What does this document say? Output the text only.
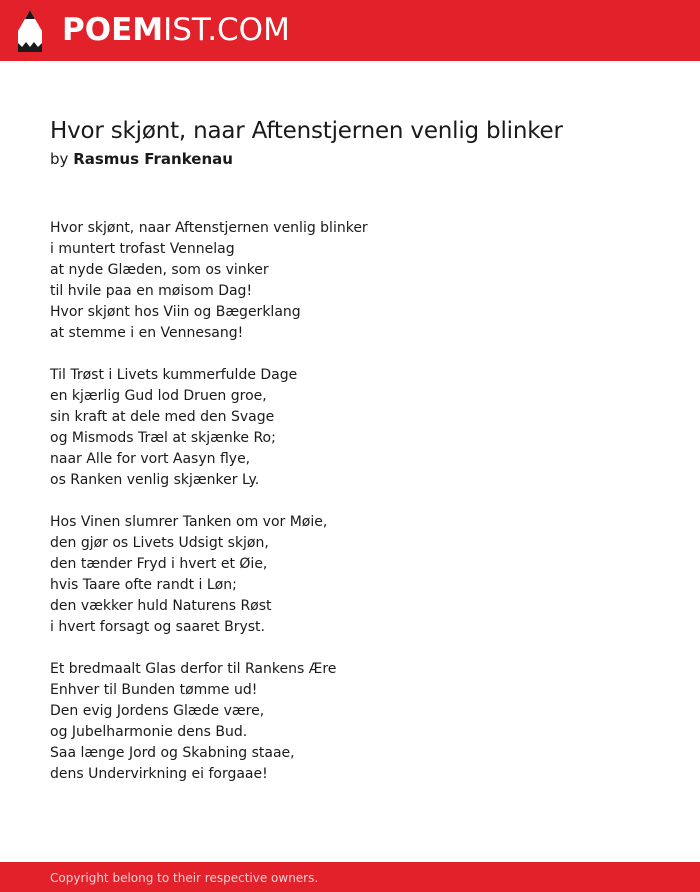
POEMIST.COM
Hvor skjønt, naar Aftenstjernen venlig blinker
by Rasmus Frankenau
Hvor skjønt, naar Aftenstjernen venlig blinker
i muntert trofast Vennelag
at nyde Glæden, som os vinker
til hvile paa en møisom Dag!
Hvor skjønt hos Viin og Bægerklang
at stemme i en Vennesang!
Til Trøst i Livets kummerfulde Dage
en kjærlig Gud lod Druen groe,
sin kraft at dele med den Svage
og Mismods Træl at skjænke Ro;
naar Alle for vort Aasyn flye,
os Ranken venlig skjænker Ly.
Hos Vinen slumrer Tanken om vor Møie,
den gjør os Livets Udsigt skjøn,
den tænder Fryd i hvert et Øie,
hvis Taare ofte randt i Løn;
den vækker huld Naturens Røst
i hvert forsagt og saaret Bryst.
Et bredmaalt Glas derfor til Rankens Ære
Enhver til Bunden tømme ud!
Den evig Jordens Glæde være,
og Jubelharmonie dens Bud.
Saa længe Jord og Skabning staae,
dens Undervirkning ei forgaae!
Copyright belong to their respective owners.
